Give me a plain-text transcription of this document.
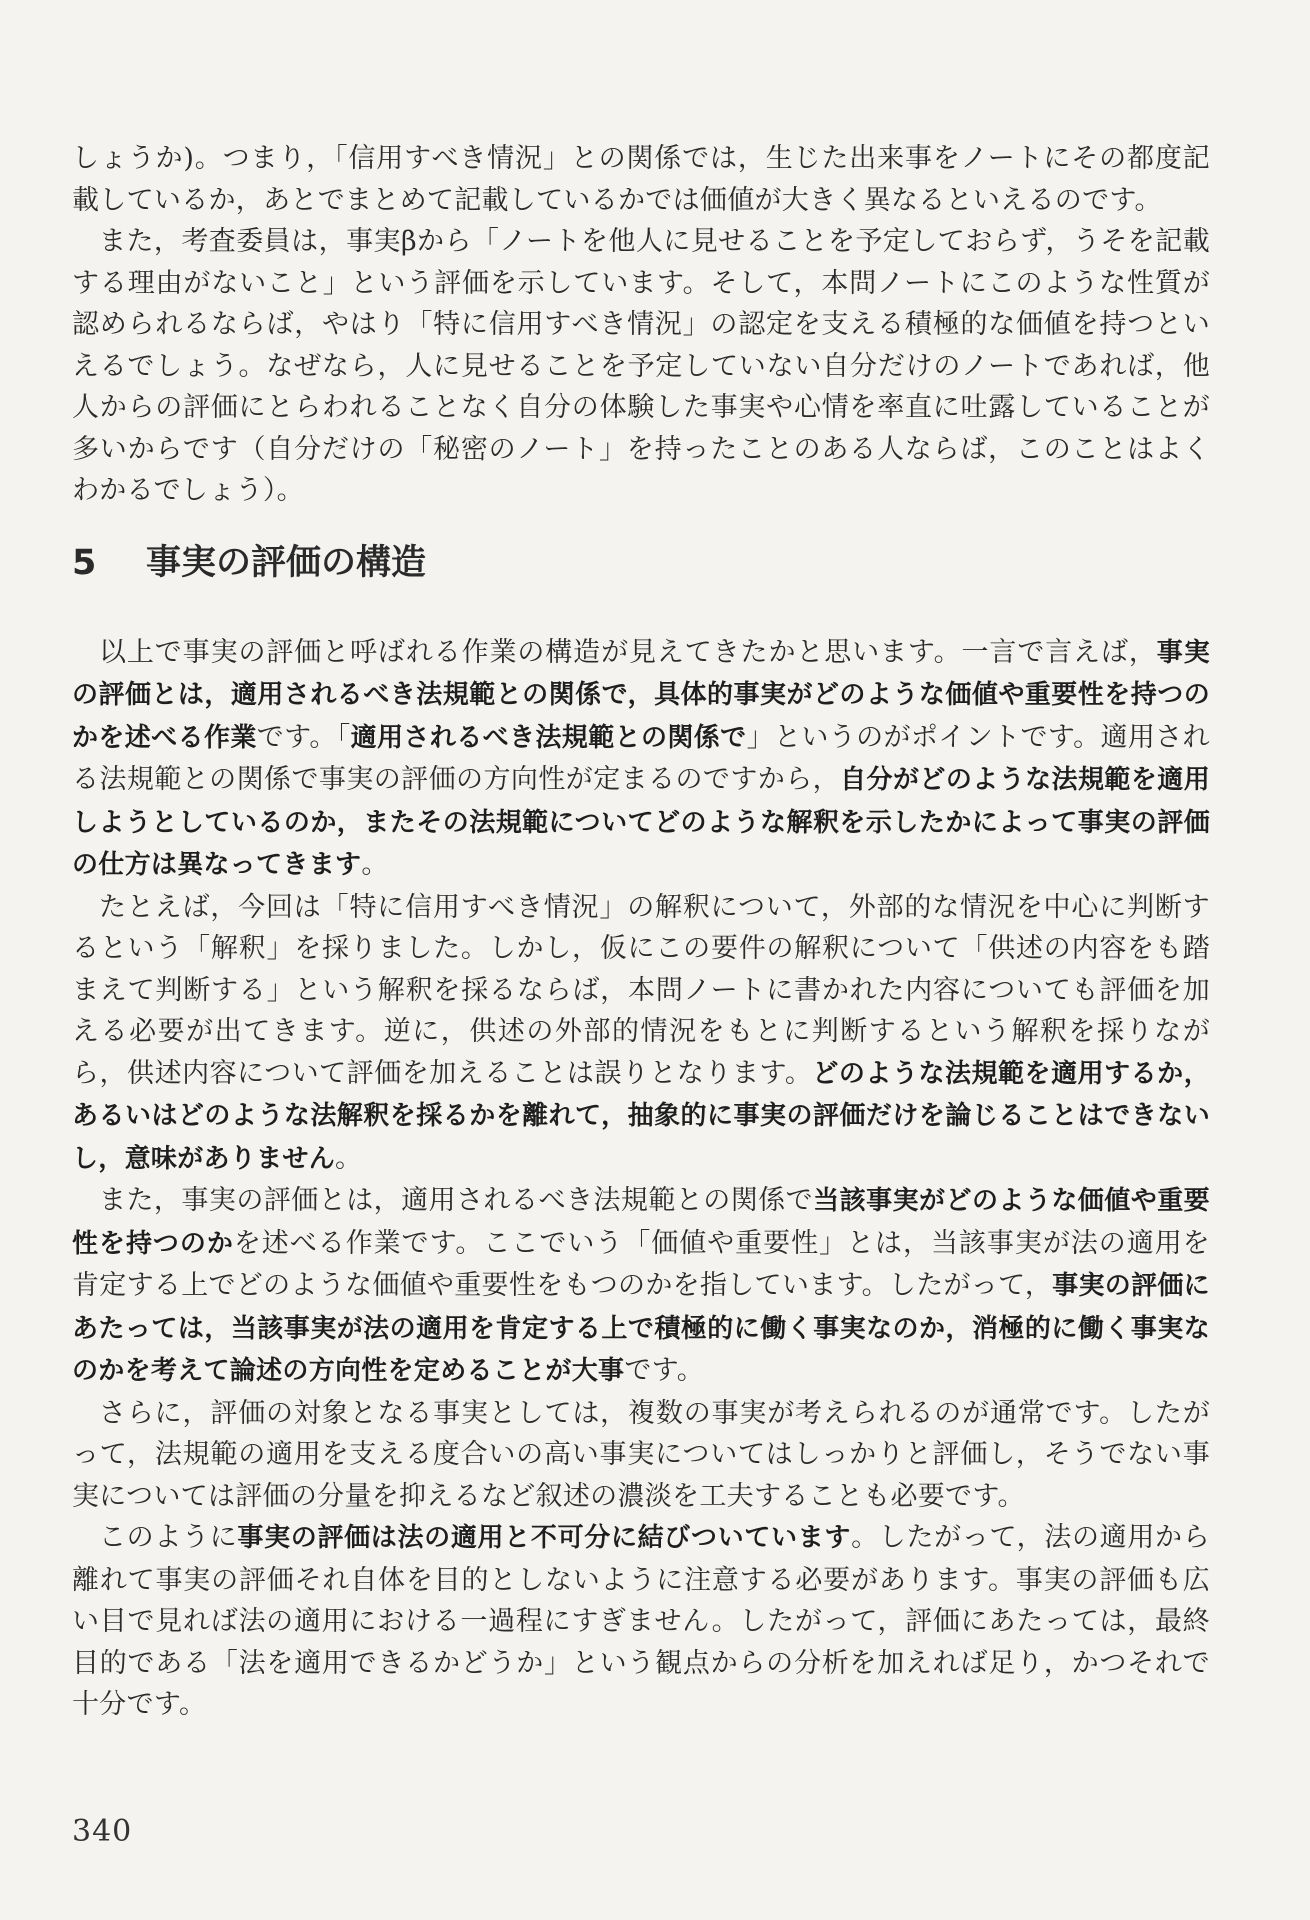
しょうか)。つまり，「信用すべき情況」との関係では，生じた出来事をノートにその都度記載しているか，あとでまとめて記載しているかでは価値が大きく異なるといえるのです。

また，考査委員は，事実βから「ノートを他人に見せることを予定しておらず，うそを記載する理由がないこと」という評価を示しています。そして，本問ノートにこのような性質が認められるならば，やはり「特に信用すべき情況」の認定を支える積極的な価値を持つといえるでしょう。なぜなら，人に見せることを予定していない自分だけのノートであれば，他人からの評価にとらわれることなく自分の体験した事実や心情を率直に吐露していることが多いからです（自分だけの「秘密のノート」を持ったことのある人ならば，このことはよくわかるでしょう）。

5 事実の評価の構造

以上で事実の評価と呼ばれる作業の構造が見えてきたかと思います。一言で言えば，事実の評価とは，適用されるべき法規範との関係で，具体的事実がどのような価値や重要性を持つのかを述べる作業です。「適用されるべき法規範との関係で」というのがポイントです。適用される法規範との関係で事実の評価の方向性が定まるのですから，自分がどのような法規範を適用しようとしているのか，またその法規範についてどのような解釈を示したかによって事実の評価の仕方は異なってきます。

たとえば，今回は「特に信用すべき情況」の解釈について，外部的な情況を中心に判断するという「解釈」を採りました。しかし，仮にこの要件の解釈について「供述の内容をも踏まえて判断する」という解釈を採るならば，本問ノートに書かれた内容についても評価を加える必要が出てきます。逆に，供述の外部的情況をもとに判断するという解釈を採りながら，供述内容について評価を加えることは誤りとなります。どのような法規範を適用するか，あるいはどのような法解釈を採るかを離れて，抽象的に事実の評価だけを論じることはできないし，意味がありません。

また，事実の評価とは，適用されるべき法規範との関係で当該事実がどのような価値や重要性を持つのかを述べる作業です。ここでいう「価値や重要性」とは，当該事実が法の適用を肯定する上でどのような価値や重要性をもつのかを指しています。したがって，事実の評価にあたっては，当該事実が法の適用を肯定する上で積極的に働く事実なのか，消極的に働く事実なのかを考えて論述の方向性を定めることが大事です。

さらに，評価の対象となる事実としては，複数の事実が考えられるのが通常です。したがって，法規範の適用を支える度合いの高い事実についてはしっかりと評価し，そうでない事実については評価の分量を抑えるなど叙述の濃淡を工夫することも必要です。

このように事実の評価は法の適用と不可分に結びついています。したがって，法の適用から離れて事実の評価それ自体を目的としないように注意する必要があります。事実の評価も広い目で見れば法の適用における一過程にすぎません。したがって，評価にあたっては，最終目的である「法を適用できるかどうか」という観点からの分析を加えれば足り，かつそれで十分です。

340
